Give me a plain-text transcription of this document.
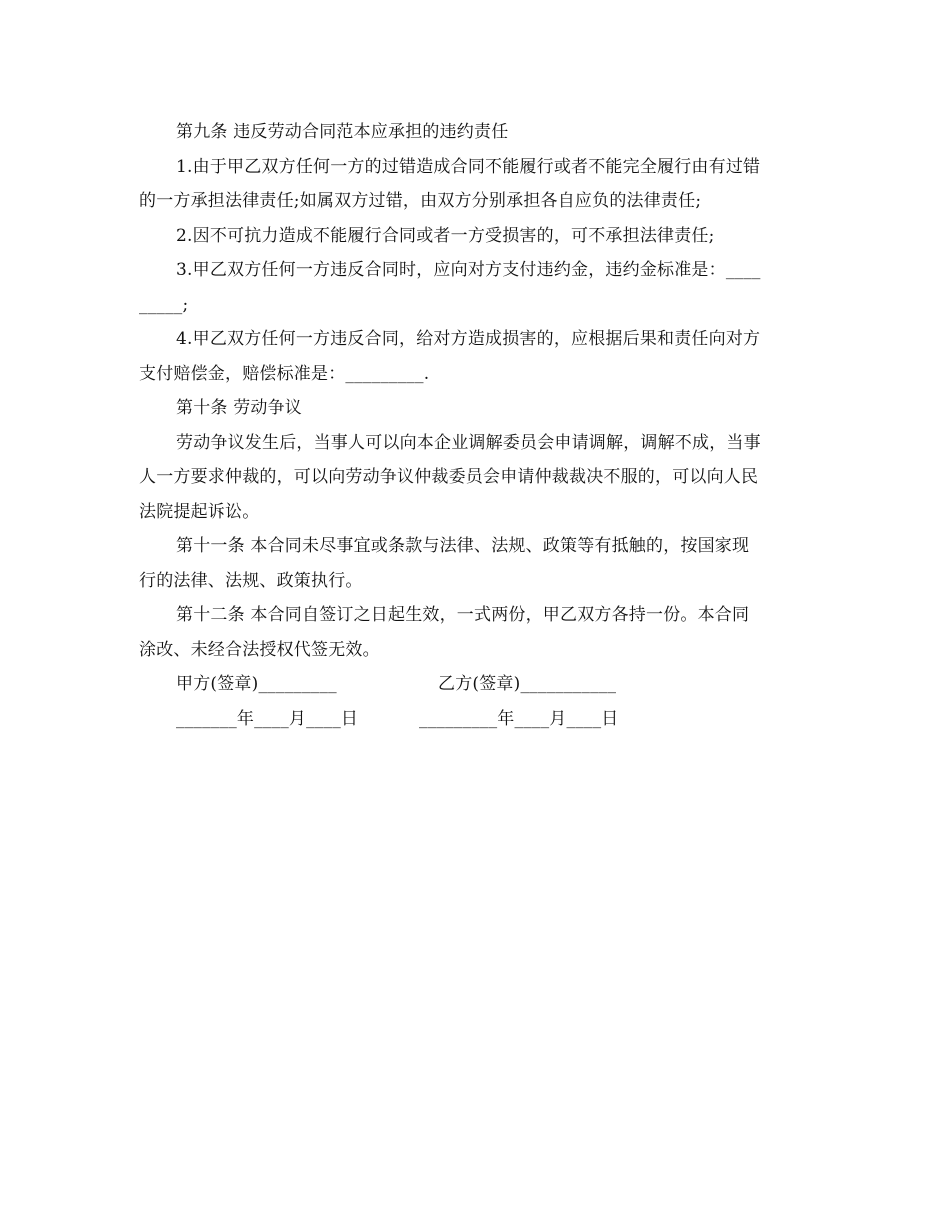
第九条 违反劳动合同范本应承担的违约责任
1.由于甲乙双方任何一方的过错造成合同不能履行或者不能完全履行由有过错
的一方承担法律责任;如属双方过错，由双方分别承担各自应负的法律责任;
2.因不可抗力造成不能履行合同或者一方受损害的，可不承担法律责任;
3.甲乙双方任何一方违反合同时，应向对方支付违约金，违约金标准是：____
_____;
4.甲乙双方任何一方违反合同，给对方造成损害的，应根据后果和责任向对方
支付赔偿金，赔偿标准是：_________.
第十条 劳动争议
劳动争议发生后，当事人可以向本企业调解委员会申请调解，调解不成，当事
人一方要求仲裁的，可以向劳动争议仲裁委员会申请仲裁裁决不服的，可以向人民
法院提起诉讼。
第十一条 本合同未尽事宜或条款与法律、法规、政策等有抵触的，按国家现
行的法律、法规、政策执行。
第十二条 本合同自签订之日起生效，一式两份，甲乙双方各持一份。本合同
涂改、未经合法授权代签无效。
甲方(签章)_________	乙方(签章)___________
_______年____月____日	_________年____月____日
